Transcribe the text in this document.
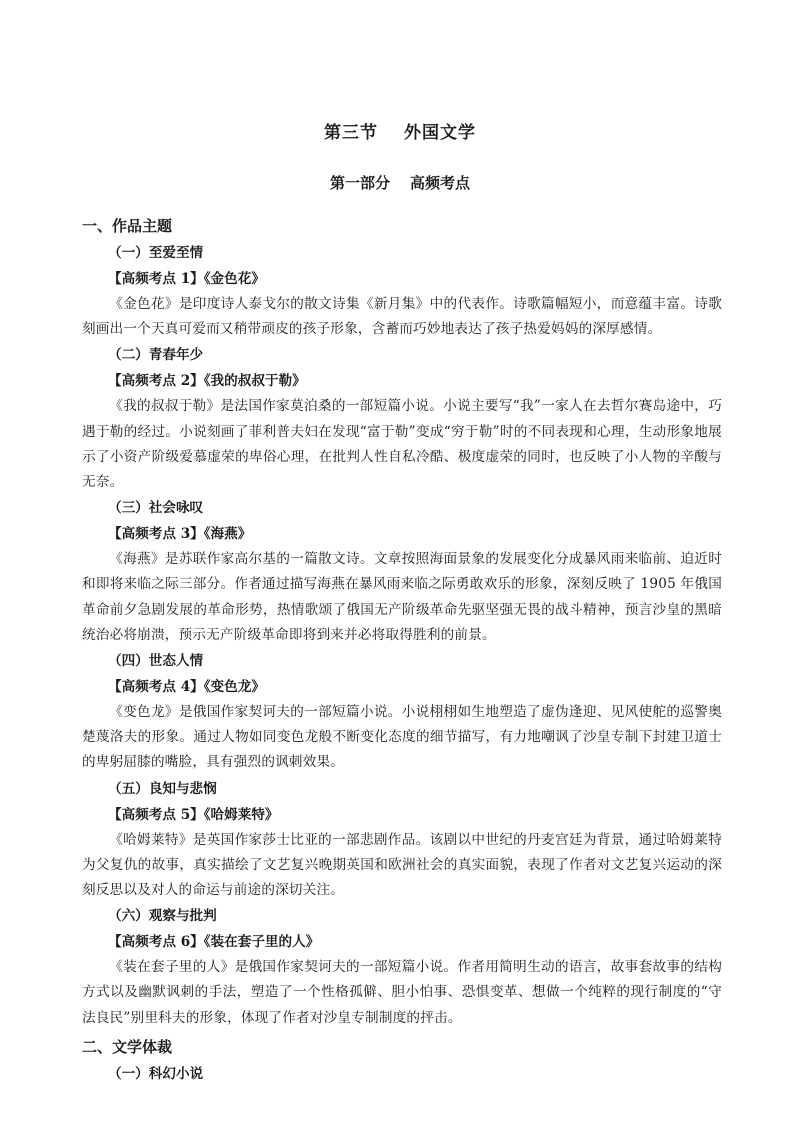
第三节 外国文学
第一部分 高频考点
一、作品主题
（一）至爱至情
【高频考点 1】《金色花》

《金色花》是印度诗人泰戈尔的散文诗集《新月集》中的代表作。诗歌篇幅短小，而意蕴丰富。诗歌刻画出一个天真可爱而又稍带顽皮的孩子形象，含蓄而巧妙地表达了孩子热爱妈妈的深厚感情。

（二）青春年少
【高频考点 2】《我的叔叔于勒》

《我的叔叔于勒》是法国作家莫泊桑的一部短篇小说。小说主要写“我”一家人在去哲尔赛岛途中，巧遇于勒的经过。小说刻画了菲利普夫妇在发现“富于勒”变成“穷于勒”时的不同表现和心理，生动形象地展示了小资产阶级爱慕虚荣的卑俗心理，在批判人性自私冷酷、极度虚荣的同时，也反映了小人物的辛酸与无奈。

（三）社会咏叹
【高频考点 3】《海燕》

《海燕》是苏联作家高尔基的一篇散文诗。文章按照海面景象的发展变化分成暴风雨来临前、迫近时和即将来临之际三部分。作者通过描写海燕在暴风雨来临之际勇敢欢乐的形象，深刻反映了 1905 年俄国革命前夕急剧发展的革命形势，热情歌颂了俄国无产阶级革命先驱坚强无畏的战斗精神，预言沙皇的黑暗统治必将崩溃，预示无产阶级革命即将到来并必将取得胜利的前景。

（四）世态人情
【高频考点 4】《变色龙》

《变色龙》是俄国作家契诃夫的一部短篇小说。小说栩栩如生地塑造了虚伪逢迎、见风使舵的巡警奥楚蔑洛夫的形象。通过人物如同变色龙般不断变化态度的细节描写，有力地嘲讽了沙皇专制下封建卫道士的卑躬屈膝的嘴脸，具有强烈的讽刺效果。

（五）良知与悲悯
【高频考点 5】《哈姆莱特》

《哈姆莱特》是英国作家莎士比亚的一部悲剧作品。该剧以中世纪的丹麦宫廷为背景，通过哈姆莱特为父复仇的故事，真实描绘了文艺复兴晚期英国和欧洲社会的真实面貌，表现了作者对文艺复兴运动的深刻反思以及对人的命运与前途的深切关注。

（六）观察与批判
【高频考点 6】《装在套子里的人》

《装在套子里的人》是俄国作家契诃夫的一部短篇小说。作者用简明生动的语言，故事套故事的结构方式以及幽默讽刺的手法，塑造了一个性格孤僻、胆小怕事、恐惧变革、想做一个纯粹的现行制度的“守法良民”别里科夫的形象，体现了作者对沙皇专制制度的抨击。

二、文学体裁
（一）科幻小说
